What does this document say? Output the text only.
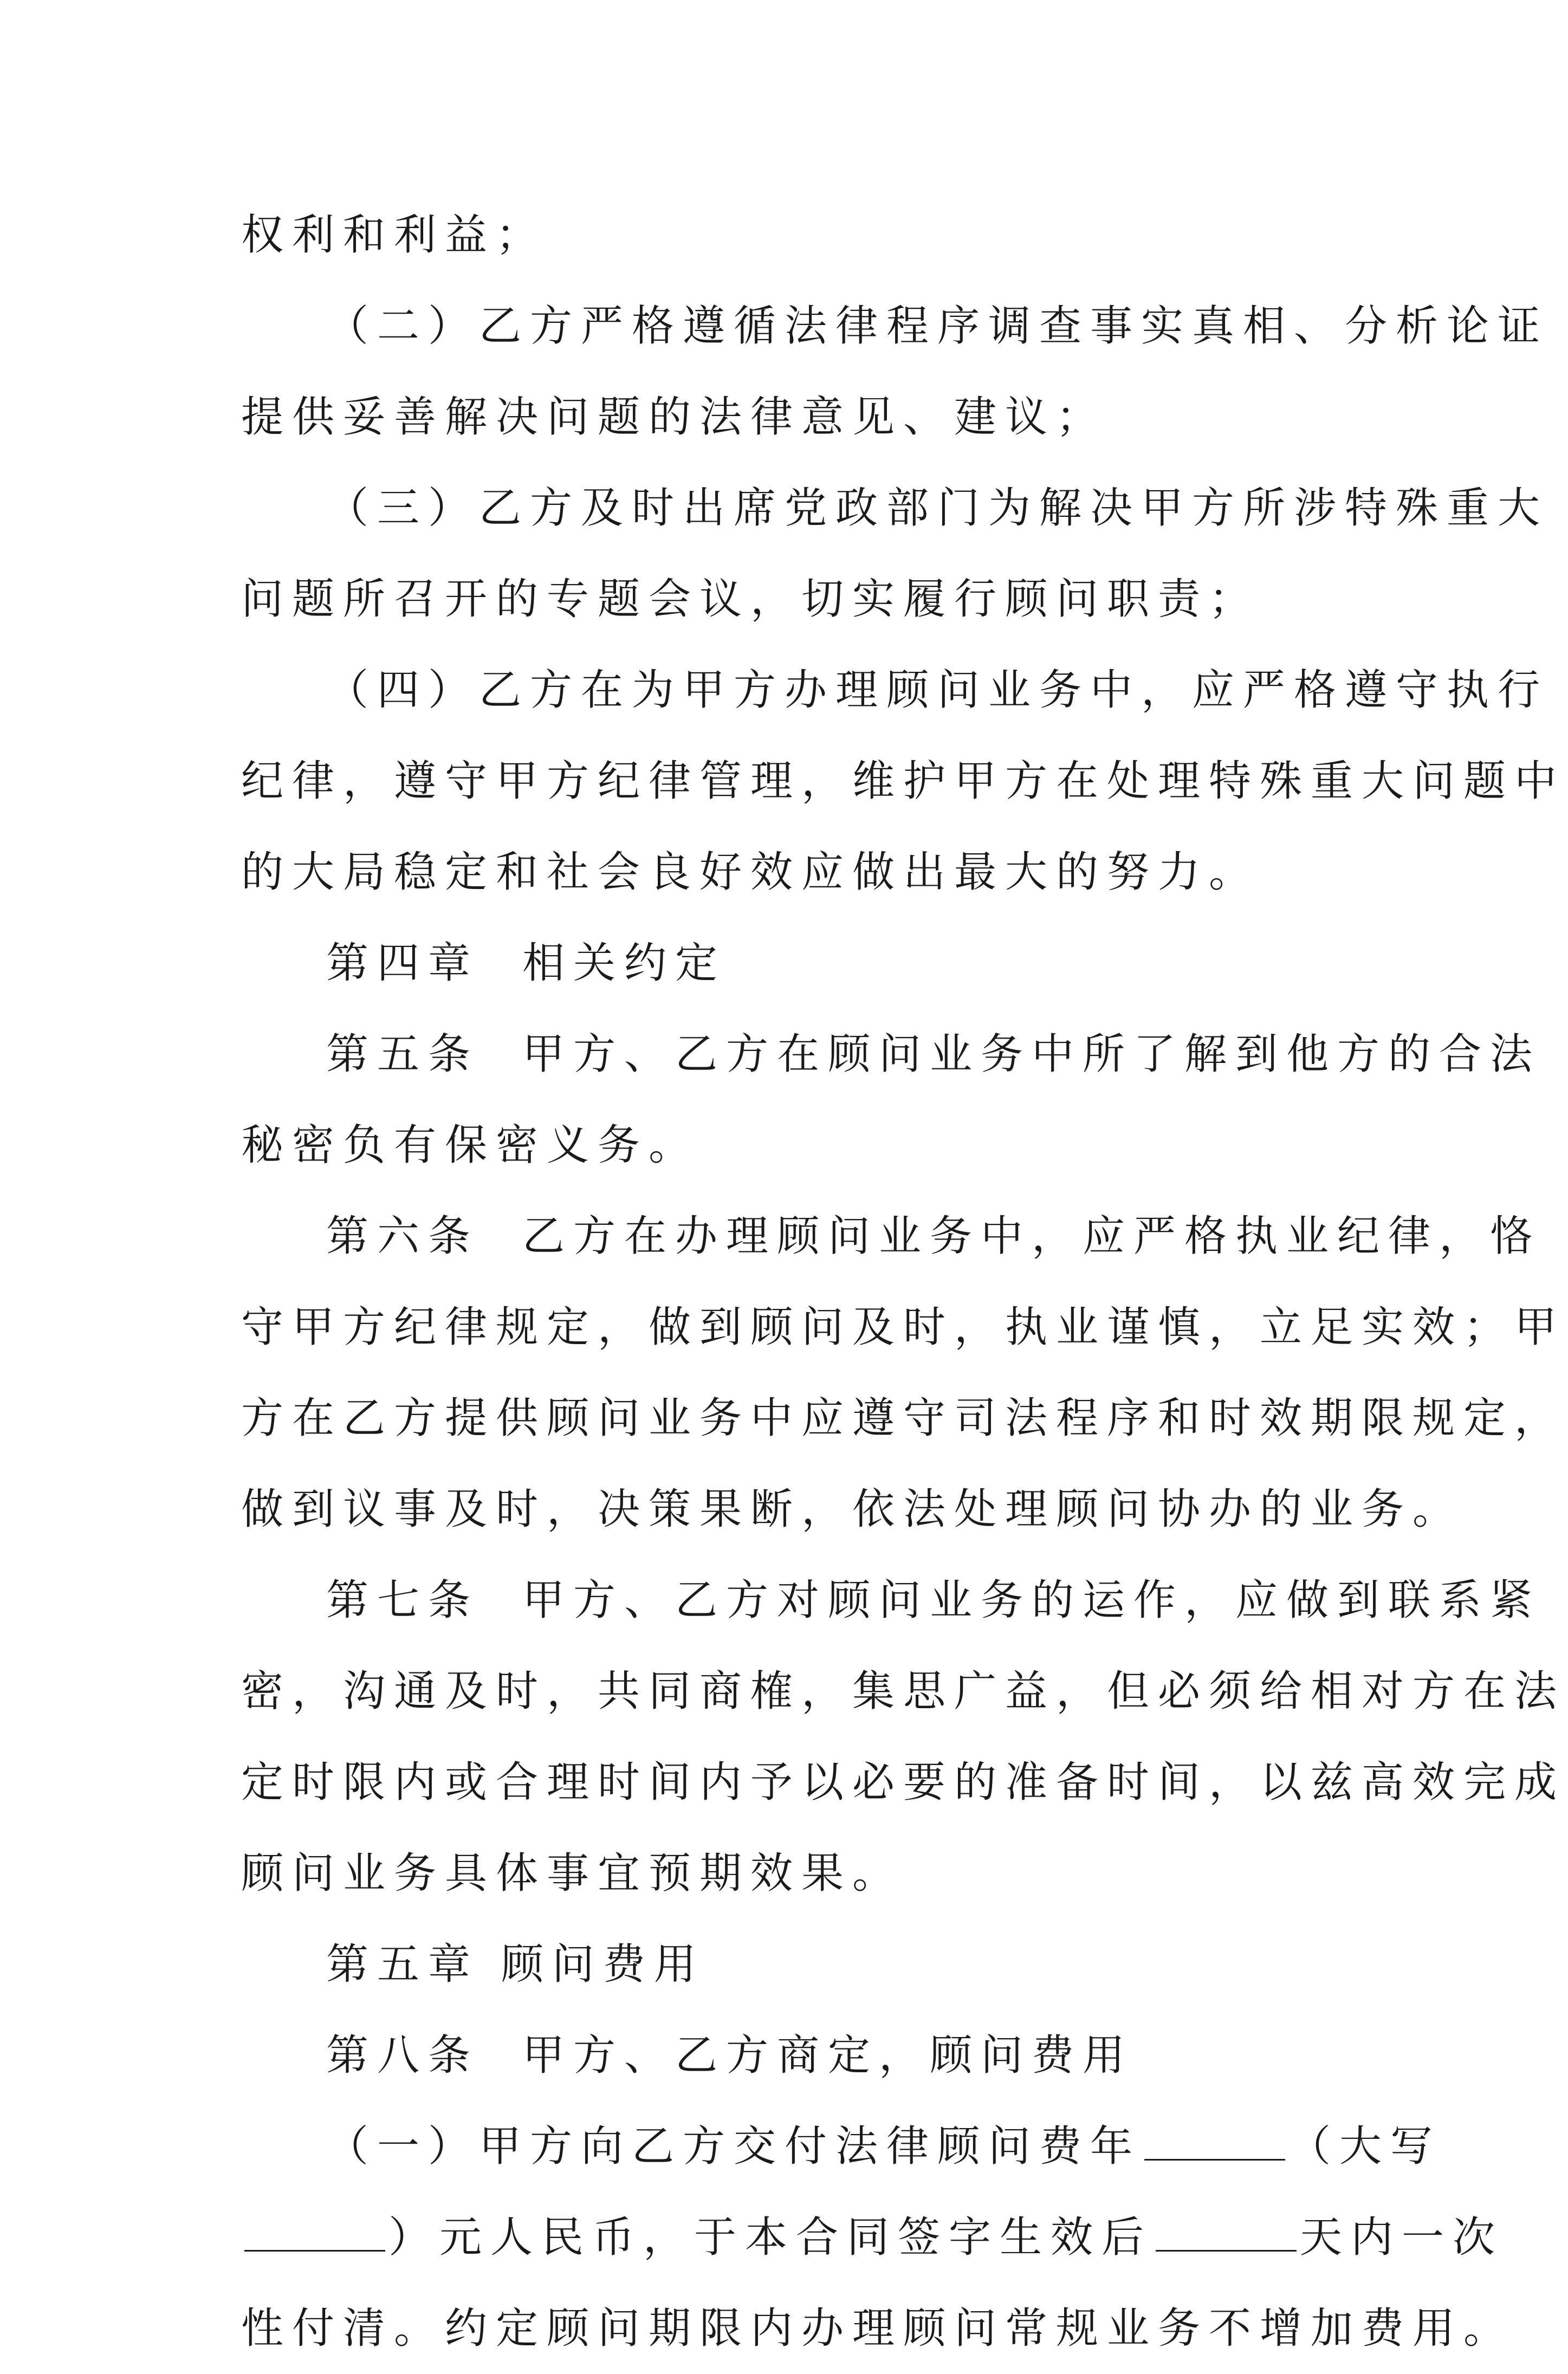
权利和利益；
（二）乙方严格遵循法律程序调查事实真相、分析论证
提供妥善解决问题的法律意见、建议；
（三）乙方及时出席党政部门为解决甲方所涉特殊重大
问题所召开的专题会议，切实履行顾问职责；
（四）乙方在为甲方办理顾问业务中，应严格遵守执行
纪律，遵守甲方纪律管理，维护甲方在处理特殊重大问题中
的大局稳定和社会良好效应做出最大的努力。
第四章 相关约定
第五条 甲方、乙方在顾问业务中所了解到他方的合法
秘密负有保密义务。
第六条 乙方在办理顾问业务中，应严格执业纪律，恪
守甲方纪律规定，做到顾问及时，执业谨慎，立足实效；甲
方在乙方提供顾问业务中应遵守司法程序和时效期限规定，
做到议事及时，决策果断，依法处理顾问协办的业务。
第七条 甲方、乙方对顾问业务的运作，应做到联系紧
密，沟通及时，共同商榷，集思广益，但必须给相对方在法
定时限内或合理时间内予以必要的准备时间，以兹高效完成
顾问业务具体事宜预期效果。
第五章 顾问费用
第八条 甲方、乙方商定，顾问费用
（一）甲方向乙方交付法律顾问费年	（大写
）元人民币，于本合同签字生效后	天内一次
性付清。约定顾问期限内办理顾问常规业务不增加费用。
